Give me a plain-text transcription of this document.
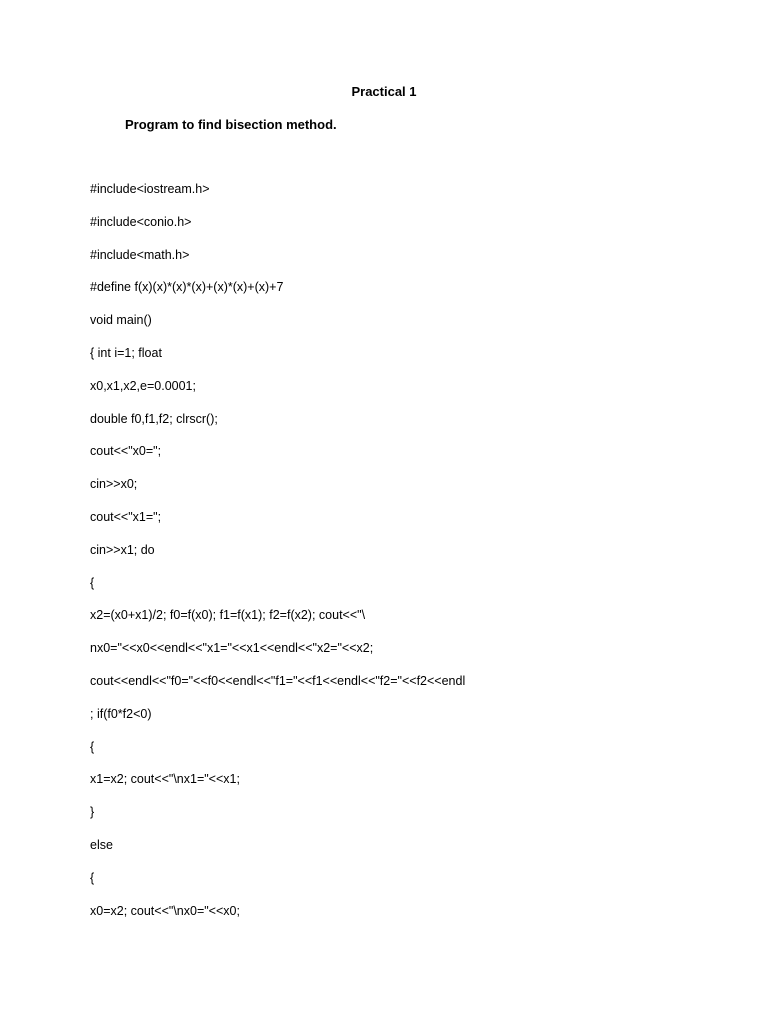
Practical 1
Program to find bisection method.
#include<iostream.h>
#include<conio.h>
#include<math.h>
#define f(x)(x)*(x)*(x)+(x)*(x)+(x)+7
void main()
{ int i=1; float
x0,x1,x2,e=0.0001;
double f0,f1,f2; clrscr();
cout<<"x0=";
cin>>x0;
cout<<"x1=";
cin>>x1; do
{
x2=(x0+x1)/2; f0=f(x0); f1=f(x1); f2=f(x2); cout<<"\
nx0="<<x0<<endl<<"x1="<<x1<<endl<<"x2="<<x2;
cout<<endl<<"f0="<<f0<<endl<<"f1="<<f1<<endl<<"f2="<<f2<<endl
; if(f0*f2<0)
{
x1=x2; cout<<"\nx1="<<x1;
}
else
{
x0=x2; cout<<"\nx0="<<x0;
